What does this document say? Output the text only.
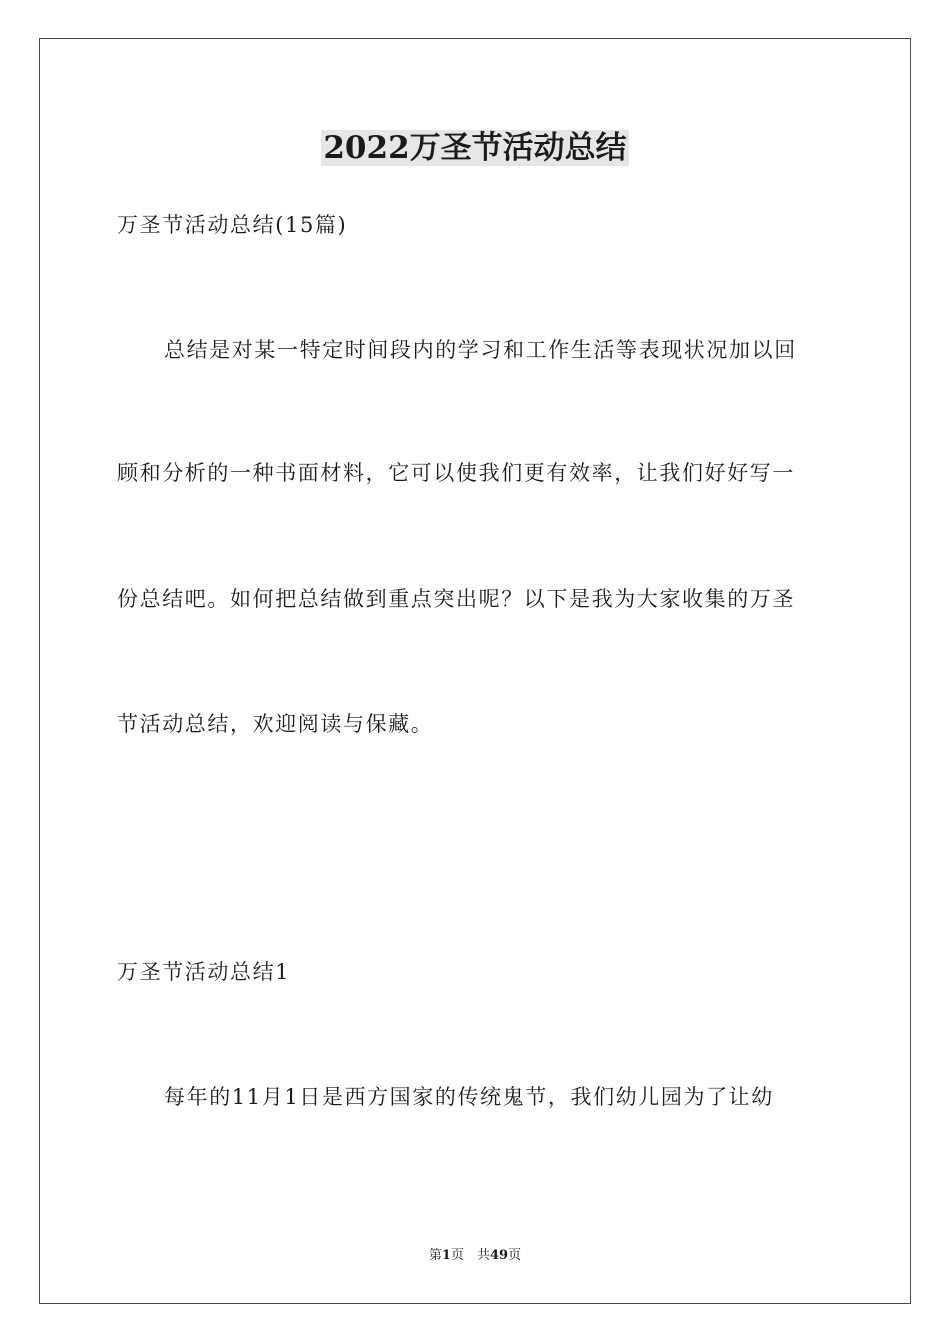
2022万圣节活动总结
万圣节活动总结(15篇)
总结是对某一特定时间段内的学习和工作生活等表现状况加以回
顾和分析的一种书面材料，它可以使我们更有效率，让我们好好写一
份总结吧。如何把总结做到重点突出呢？以下是我为大家收集的万圣
节活动总结，欢迎阅读与保藏。
万圣节活动总结1
每年的11月1日是西方国家的传统鬼节，我们幼儿园为了让幼
第1页　共49页
